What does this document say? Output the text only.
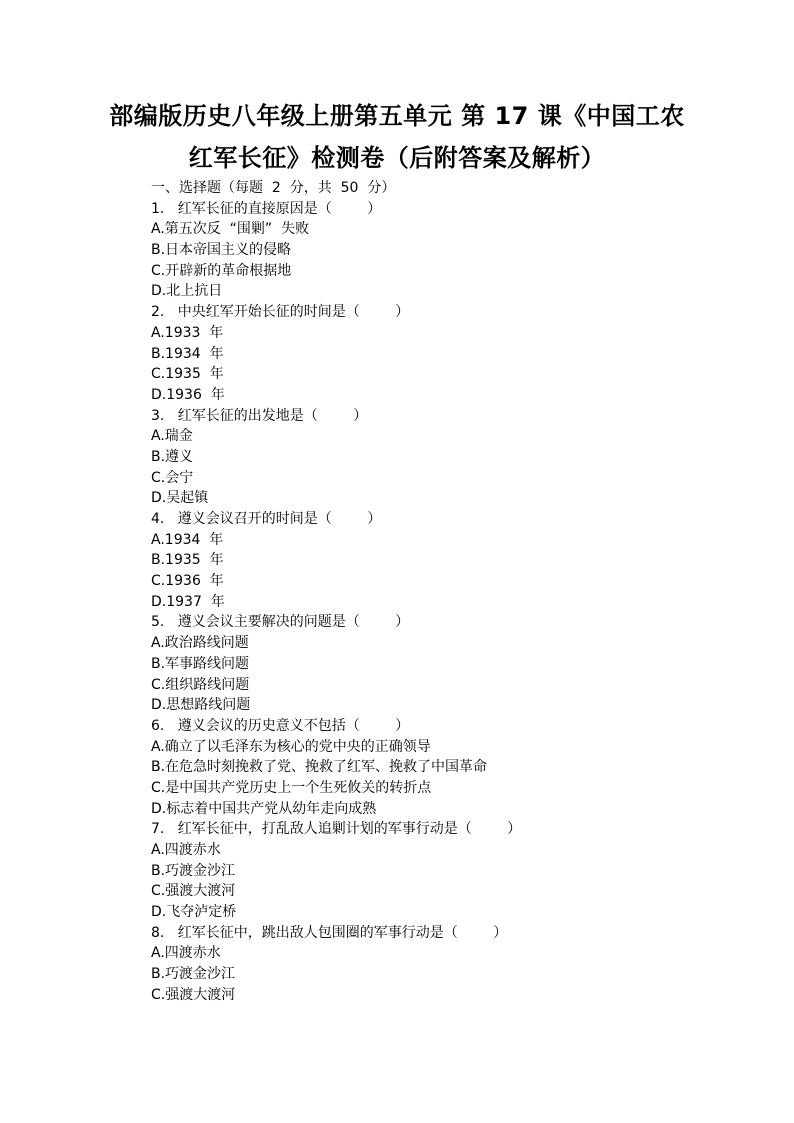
部编版历史八年级上册第五单元 第 17 课《中国工农
红军长征》检测卷（后附答案及解析）
一、选择题（每题  2  分，共  50  分）
1.   红军长征的直接原因是（        ）
A.第五次反  “围剿”  失败
B.日本帝国主义的侵略
C.开辟新的革命根据地
D.北上抗日
2.   中央红军开始长征的时间是（        ）
A.1933  年
B.1934  年
C.1935  年
D.1936  年
3.   红军长征的出发地是（        ）
A.瑞金
B.遵义
C.会宁
D.吴起镇
4.   遵义会议召开的时间是（        ）
A.1934  年
B.1935  年
C.1936  年
D.1937  年
5.   遵义会议主要解决的问题是（        ）
A.政治路线问题
B.军事路线问题
C.组织路线问题
D.思想路线问题
6.   遵义会议的历史意义不包括（        ）
A.确立了以毛泽东为核心的党中央的正确领导
B.在危急时刻挽救了党、挽救了红军、挽救了中国革命
C.是中国共产党历史上一个生死攸关的转折点
D.标志着中国共产党从幼年走向成熟
7.   红军长征中，打乱敌人追剿计划的军事行动是（        ）
A.四渡赤水
B.巧渡金沙江
C.强渡大渡河
D.飞夺泸定桥
8.   红军长征中，跳出敌人包围圈的军事行动是（        ）
A.四渡赤水
B.巧渡金沙江
C.强渡大渡河
